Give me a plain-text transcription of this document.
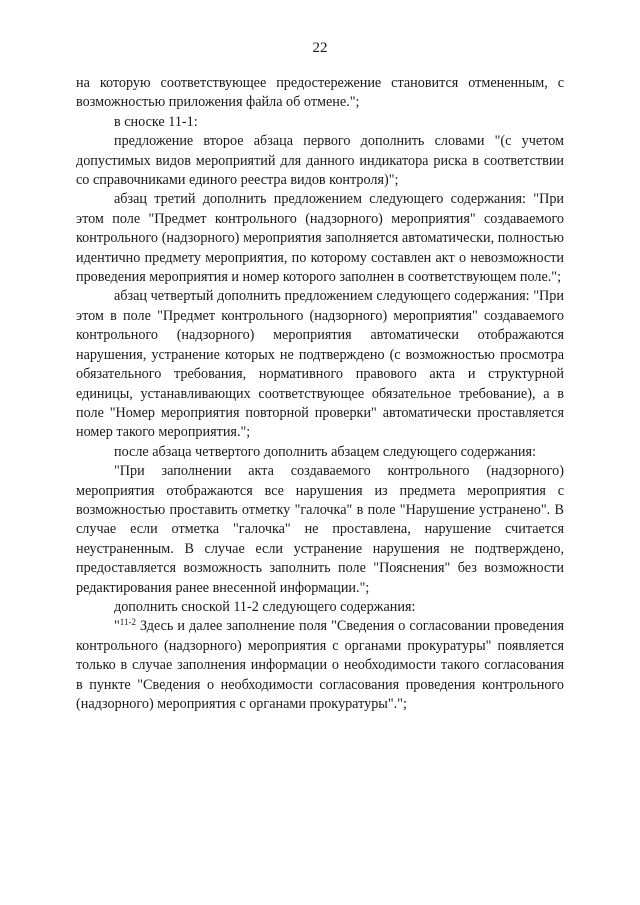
22

на которую соответствующее предостережение становится отмененным, с возможностью приложения файла об отмене.";

в сноске 11-1:

предложение второе абзаца первого дополнить словами "(с учетом допустимых видов мероприятий для данного индикатора риска в соответствии со справочниками единого реестра видов контроля)";

абзац третий дополнить предложением следующего содержания: "При этом поле "Предмет контрольного (надзорного) мероприятия" создаваемого контрольного (надзорного) мероприятия заполняется автоматически, полностью идентично предмету мероприятия, по которому составлен акт о невозможности проведения мероприятия и номер которого заполнен в соответствующем поле.";

абзац четвертый дополнить предложением следующего содержания: "При этом в поле "Предмет контрольного (надзорного) мероприятия" создаваемого контрольного (надзорного) мероприятия автоматически отображаются нарушения, устранение которых не подтверждено (с возможностью просмотра обязательного требования, нормативного правового акта и структурной единицы, устанавливающих соответствующее обязательное требование), а в поле "Номер мероприятия повторной проверки" автоматически проставляется номер такого мероприятия.";

после абзаца четвертого дополнить абзацем следующего содержания:

"При заполнении акта создаваемого контрольного (надзорного) мероприятия отображаются все нарушения из предмета мероприятия с возможностью проставить отметку "галочка" в поле "Нарушение устранено". В случае если отметка "галочка" не проставлена, нарушение считается неустраненным. В случае если устранение нарушения не подтверждено, предоставляется возможность заполнить поле "Пояснения" без возможности редактирования ранее внесенной информации.";

дополнить сноской 11-2 следующего содержания:

"$^{11-2}$ Здесь и далее заполнение поля "Сведения о согласовании проведения контрольного (надзорного) мероприятия с органами прокуратуры" появляется только в случае заполнения информации о необходимости такого согласования в пункте "Сведения о необходимости согласования проведения контрольного (надзорного) мероприятия с органами прокуратуры".";
